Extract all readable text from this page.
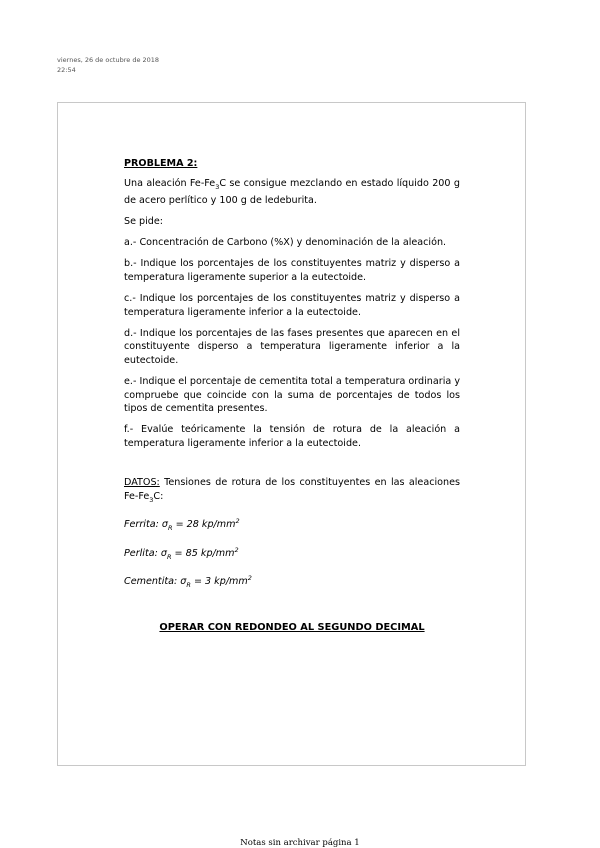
viernes, 26 de octubre de 2018
22:54

PROBLEMA 2:

Una aleación $Fe-Fe_3C$ se consigue mezclando en estado líquido 200 g de acero perlítico y 100 g de ledeburita.

Se pide:

a.- Concentración de Carbono (%X) y denominación de la aleación.

b.- Indique los porcentajes de los constituyentes matriz y disperso a temperatura ligeramente superior a la eutectoide.

c.- Indique los porcentajes de los constituyentes matriz y disperso a temperatura ligeramente inferior a la eutectoide.

d.- Indique los porcentajes de las fases presentes que aparecen en el constituyente disperso a temperatura ligeramente inferior a la eutectoide.

e.- Indique el porcentaje de cementita total a temperatura ordinaria y compruebe que coincide con la suma de porcentajes de todos los tipos de cementita presentes.

f.- Evalúe teóricamente la tensión de rotura de la aleación a temperatura ligeramente inferior a la eutectoide.

DATOS: Tensiones de rotura de los constituyentes en las aleaciones $Fe-Fe_3C$:

Ferrita: $\sigma_R = 28$ $kp/mm^2$

Perlita: $\sigma_R = 85$ $kp/mm^2$

Cementita: $\sigma_R = 3$ $kp/mm^2$

OPERAR CON REDONDEO AL SEGUNDO DECIMAL

Notas sin archivar página 1
